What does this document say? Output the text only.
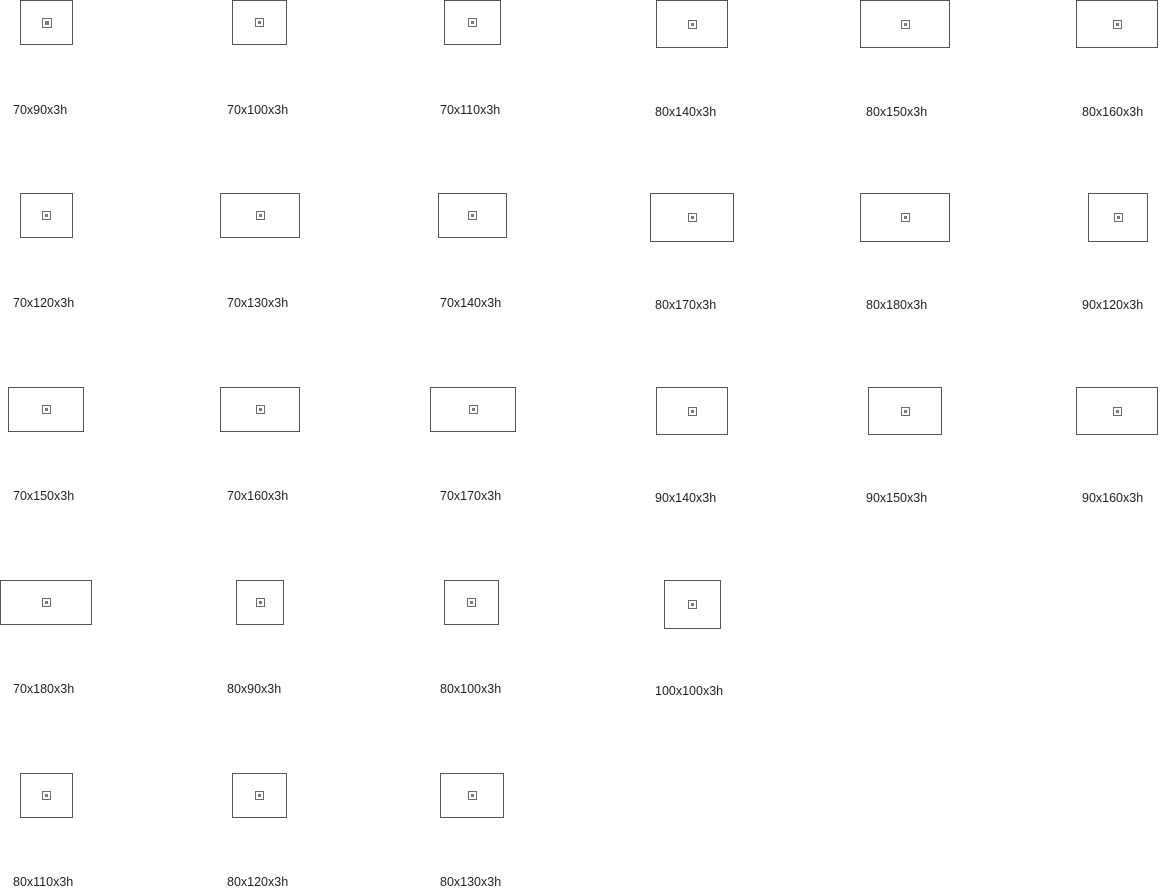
70x90x3h	70x100x3h	70x110x3h	80x140x3h	80x150x3h	80x160x3h
70x120x3h	70x130x3h	70x140x3h	80x170x3h	80x180x3h	90x120x3h
70x150x3h	70x160x3h	70x170x3h	90x140x3h	90x150x3h	90x160x3h
70x180x3h	80x90x3h	80x100x3h	100x100x3h
80x110x3h	80x120x3h	80x130x3h
